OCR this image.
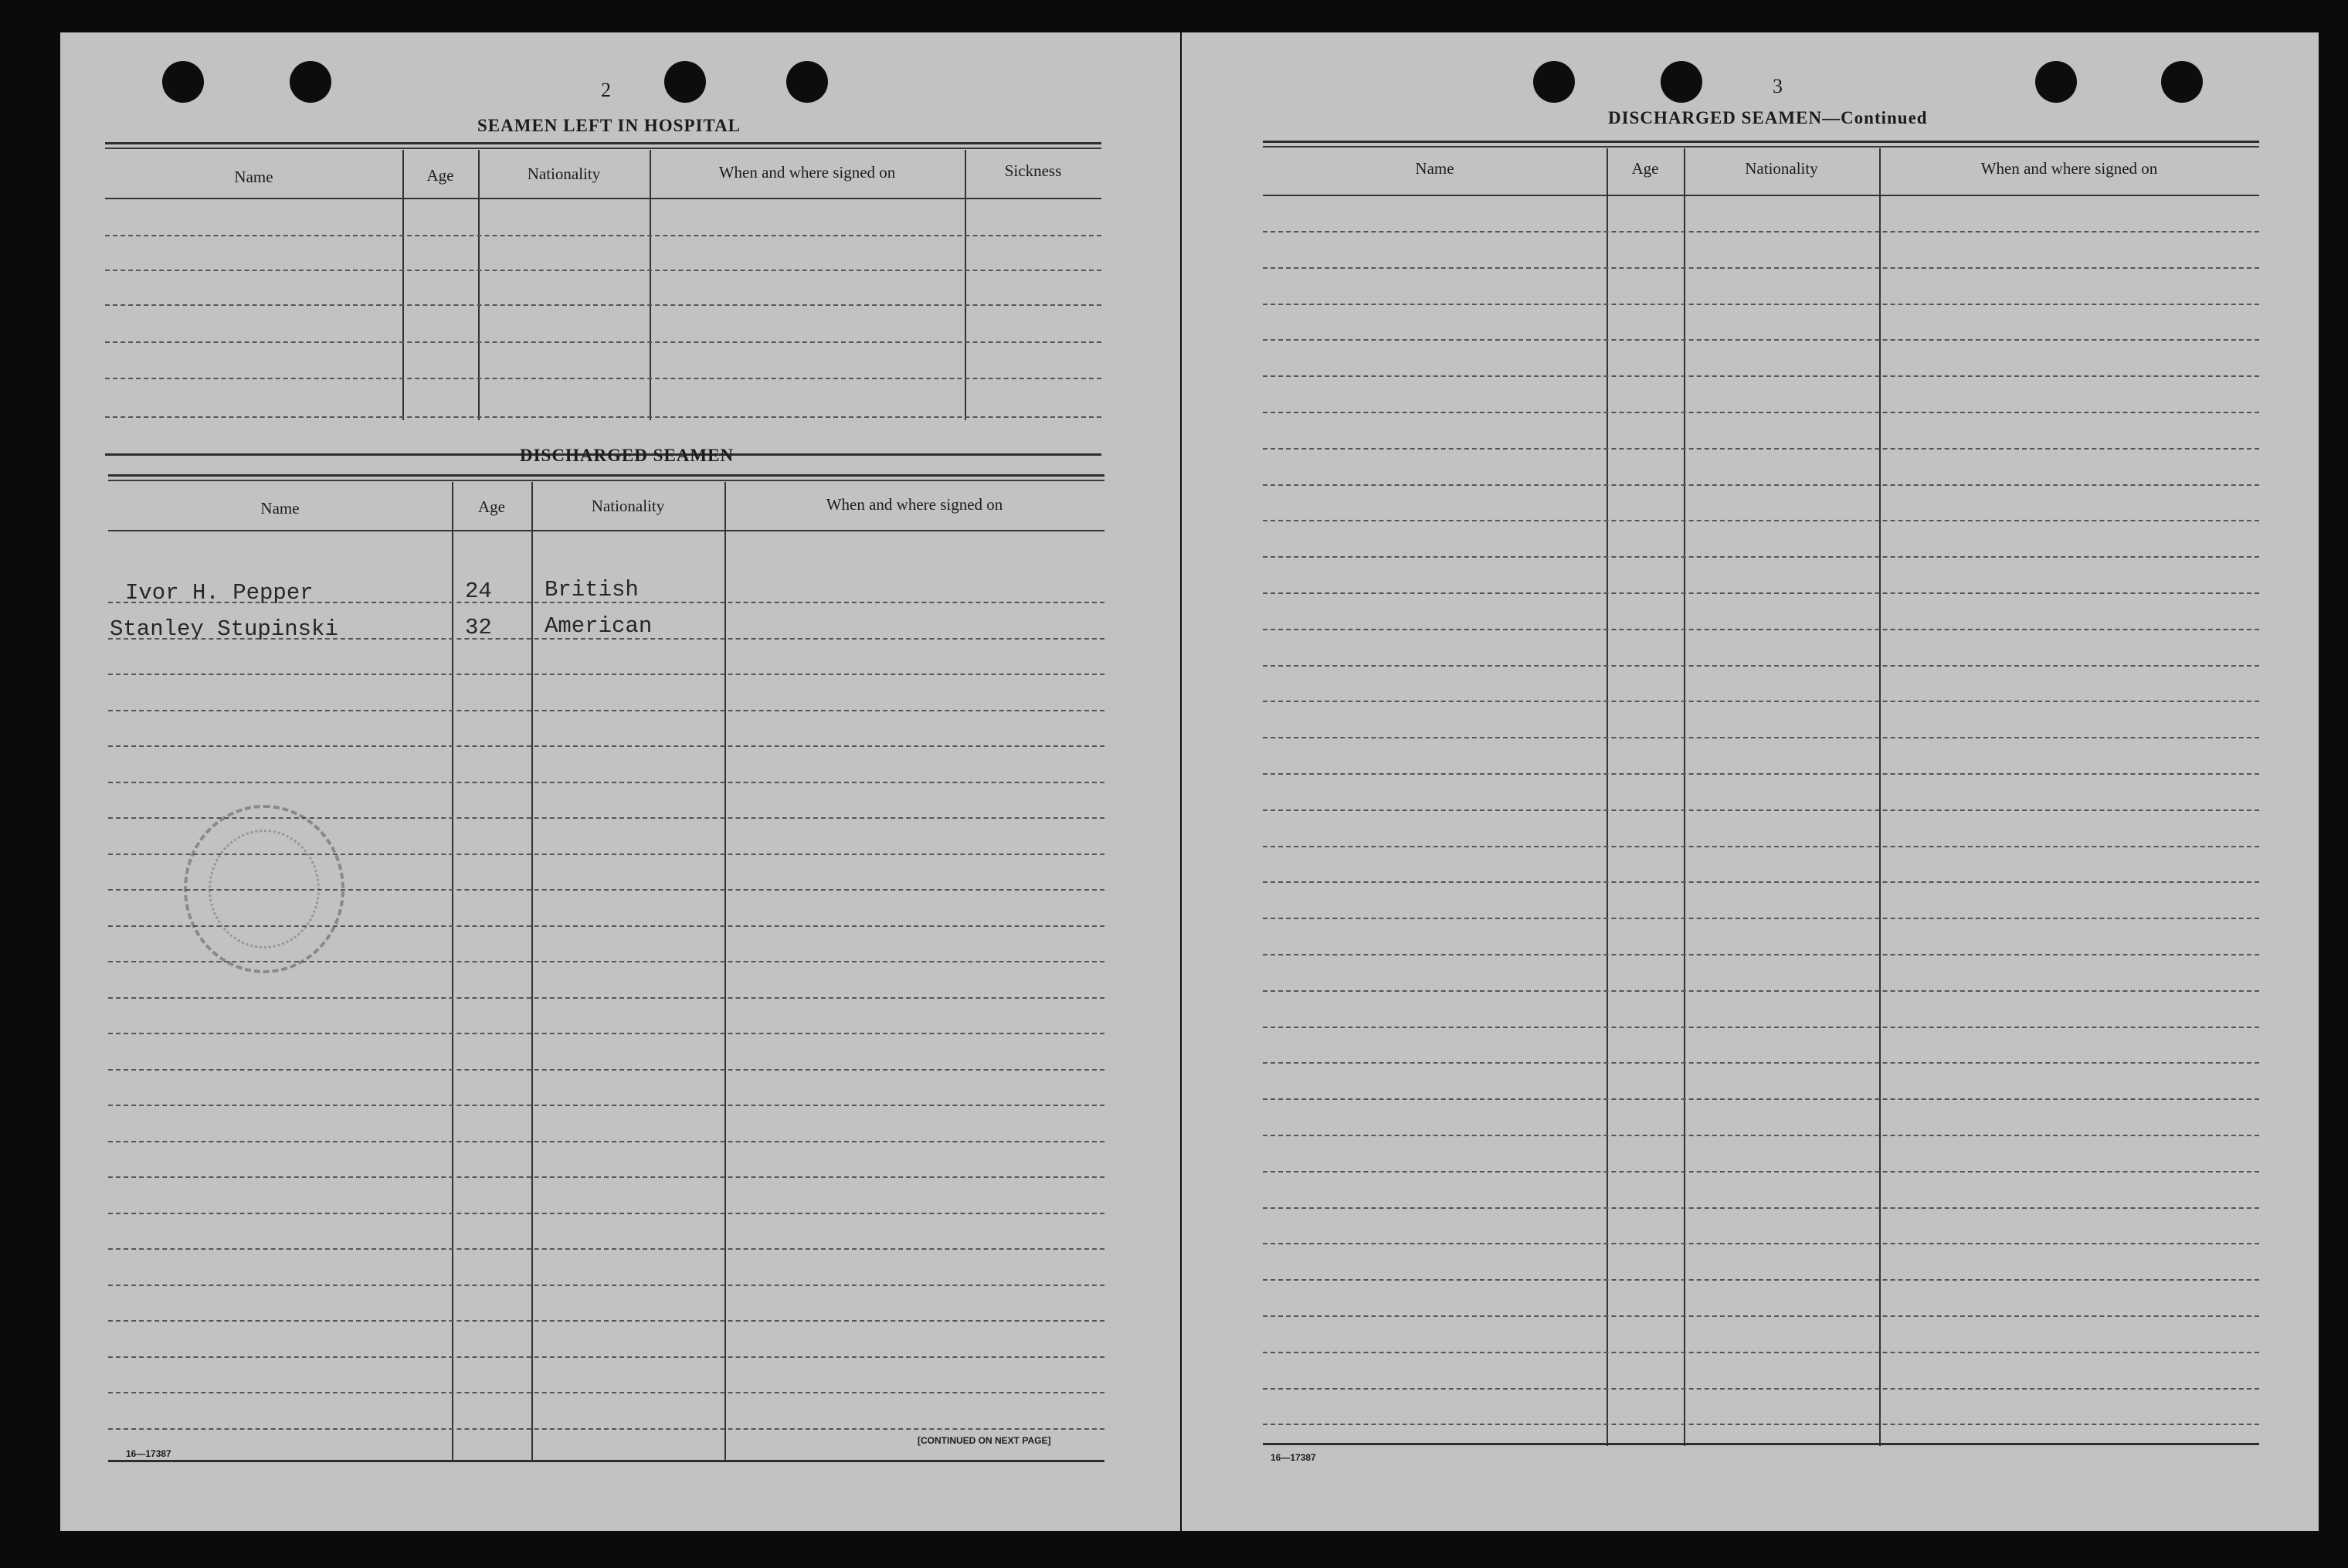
2
SEAMEN LEFT IN HOSPITAL
Name	Age	Nationality	When and where signed on	Sickness
DISCHARGED SEAMEN
Name	Age	Nationality	When and where signed on
Ivor H. Pepper	24 British
Stanley Stupinski	32 American
16—17387
[CONTINUED ON NEXT PAGE]
3
DISCHARGED SEAMEN—Continued
Name	Age	Nationality	When and where signed on
16—17387
